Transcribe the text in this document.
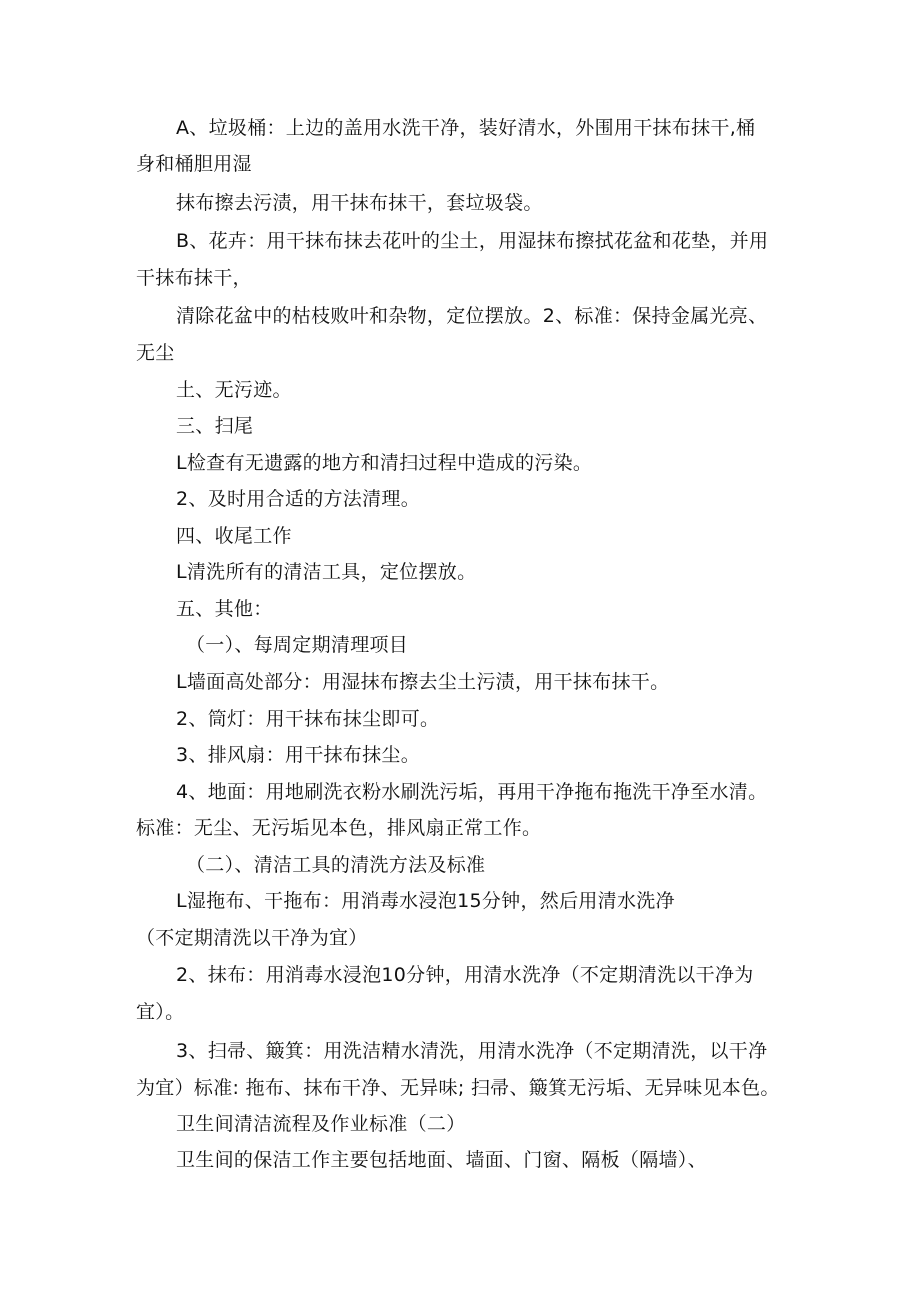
A、垃圾桶：上边的盖用水洗干净，装好清水，外围用干抹布抹干,桶
身和桶胆用湿
抹布擦去污渍，用干抹布抹干，套垃圾袋。
B、花卉：用干抹布抹去花叶的尘土，用湿抹布擦拭花盆和花垫，并用
干抹布抹干，
清除花盆中的枯枝败叶和杂物，定位摆放。2、标准：保持金属光亮、
无尘
土、无污迹。
三、扫尾
L检查有无遗露的地方和清扫过程中造成的污染。
2、及时用合适的方法清理。
四、收尾工作
L清洗所有的清洁工具，定位摆放。
五、其他：
（一）、每周定期清理项目
L墙面高处部分：用湿抹布擦去尘土污渍，用干抹布抹干。
2、筒灯：用干抹布抹尘即可。
3、排风扇：用干抹布抹尘。
4、地面：用地刷洗衣粉水刷洗污垢，再用干净拖布拖洗干净至水清。
标准：无尘、无污垢见本色，排风扇正常工作。
（二）、清洁工具的清洗方法及标准
L湿拖布、干拖布：用消毒水浸泡15分钟，然后用清水洗净
（不定期清洗以干净为宜）
2、抹布：用消毒水浸泡10分钟，用清水洗净（不定期清洗以干净为
宜）。
3、扫帚、簸箕：用洗洁精水清洗，用清水洗净（不定期清洗，以干净
为宜）标准: 拖布、抹布干净、无异味; 扫帚、簸箕无污垢、无异味见本色。
卫生间清洁流程及作业标准（二）
卫生间的保洁工作主要包括地面、墙面、门窗、隔板（隔墙）、
